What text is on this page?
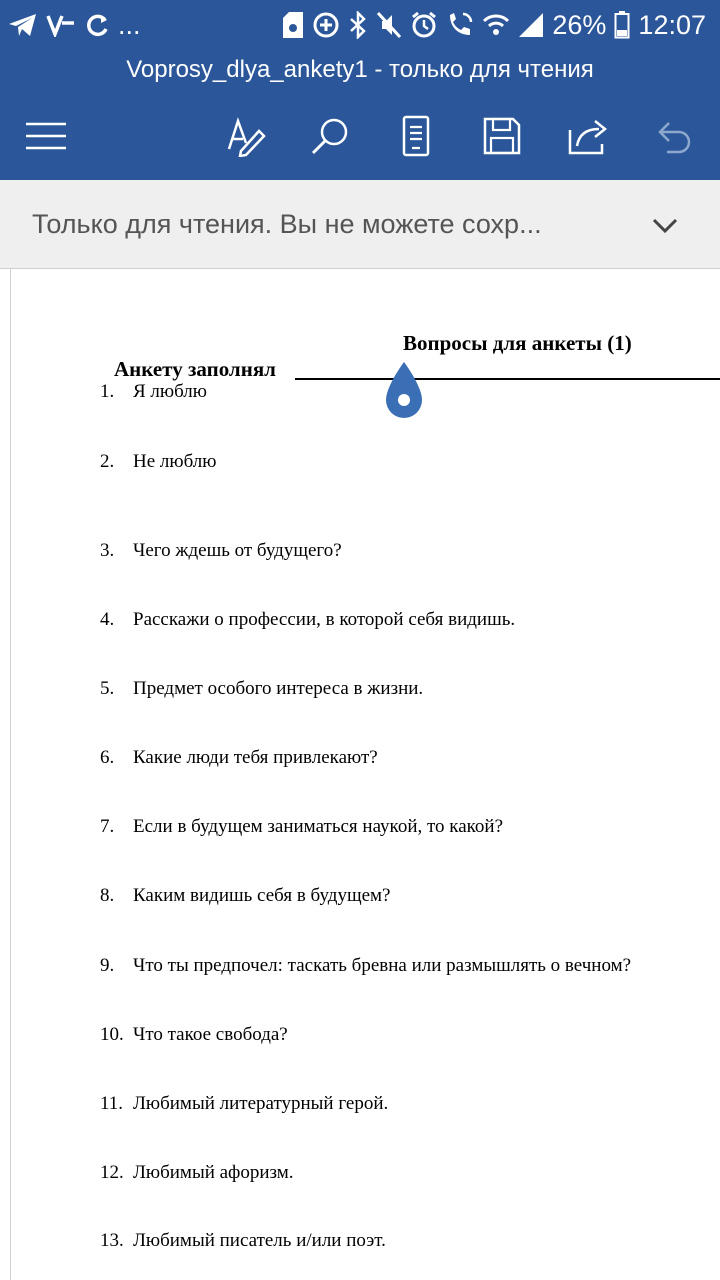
...	26% 12:07
Voprosy_dlya_ankety1 - только для чтения
Только для чтения. Вы не можете сохр...
Вопросы для анкеты (1)
Анкету заполнял
1. Я люблю
2. Не люблю
3. Чего ждешь от будущего?
4. Расскажи о профессии, в которой себя видишь.
5. Предмет особого интереса в жизни.
6. Какие люди тебя привлекают?
7. Если в будущем заниматься наукой, то какой?
8. Каким видишь себя в будущем?
9. Что ты предпочел: таскать бревна или размышлять о вечном?
10. Что такое свобода?
11. Любимый литературный герой.
12. Любимый афоризм.
13. Любимый писатель и/или поэт.
